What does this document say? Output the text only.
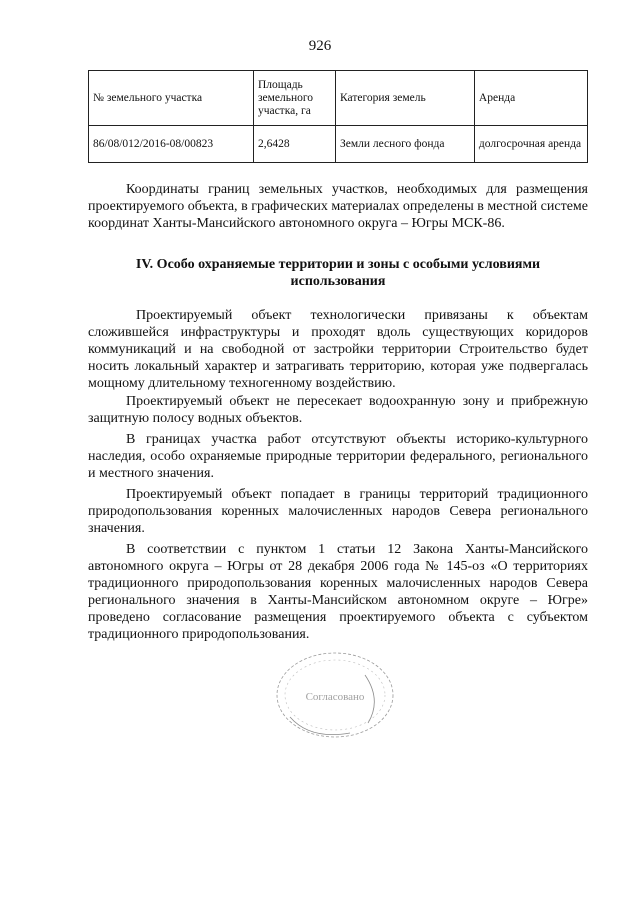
926
№ земельного участка	Площадь земельного участка, га	Категория земель	Аренда
86/08/012/2016-08/00823	2,6428	Земли лесного фонда	долгосрочная аренда

Координаты границ земельных участков, необходимых для размещения проектируемого объекта, в графических материалах определены в местной системе координат Ханты-Мансийского автономного округа – Югры МСК-86.

IV. Особо охраняемые территории и зоны с особыми условиями использования

Проектируемый объект технологически привязаны к объектам сложившейся инфраструктуры и проходят вдоль существующих коридоров коммуникаций и на свободной от застройки территории Строительство будет носить локальный характер и затрагивать территорию, которая уже подвергалась мощному длительному техногенному воздействию.

Проектируемый объект не пересекает водоохранную зону и прибрежную защитную полосу водных объектов.

В границах участка работ отсутствуют объекты историко-культурного наследия, особо охраняемые природные территории федерального, регионального и местного значения.

Проектируемый объект попадает в границы территорий традиционного природопользования коренных малочисленных народов Севера регионального значения.

В соответствии с пунктом 1 статьи 12 Закона Ханты-Мансийского автономного округа – Югры от 28 декабря 2006 года № 145-оз «О территориях традиционного природопользования коренных малочисленных народов Севера регионального значения в Ханты-Мансийском автономном округе – Югре» проведено согласование размещения проектируемого объекта с субъектом традиционного природопользования.

Согласовано
